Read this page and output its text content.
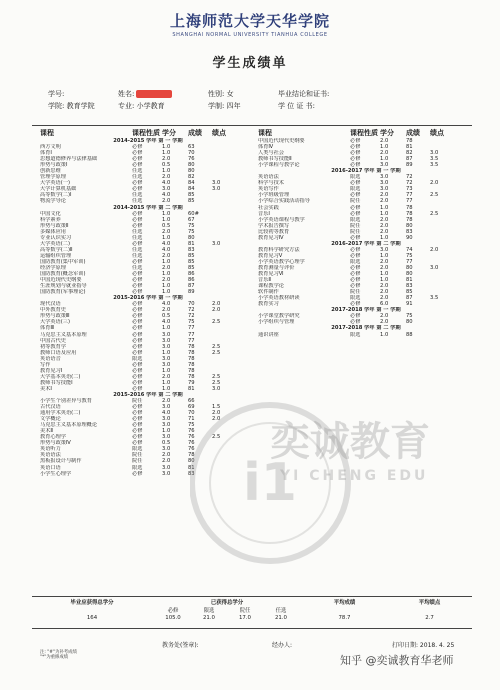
上海师范大学天华学院
SHANGHAI NORMAL UNIVERSITY TIANHUA COLLEGE
学生成绩单
学号:	姓名:	性别: 女	毕业结论和证书:
学院: 教育学院	专业: 小学教育	学制: 四年	学 位 证 书:
课程	课程性质 学分	成绩	绩点
2014-2015 学年 第 一 学期
西方文明	必修	1.0	63
体育Ⅰ	必修	1.0	70
思想道德修养与法律基础	必修	2.0	76
形势与政策Ⅰ	必修	0.5	80
创新思维	任选	1.0	80
管理学原理	任选	2.0	82
大学英语(一)	必修	4.0	84	3.0
大学计算机基础	必修	3.0	84	3.0
高等数学(二)Ⅰ	任选	4.0	85
物流学导论	任选	2.0	85
2014-2015 学年 第 二 学期
中国文化	必修	1.0	60#
科学素养	必修	1.0	67
形势与政策Ⅱ	必修	0.5	75
多媒体应用	任选	2.0	75
专业认识实习	任选	1.0	80
大学英语(二)	必修	4.0	81	3.0
高等数学(二)Ⅱ	任选	4.0	83
运输组织管理	任选	2.0	85
国防教育(集中军训)	必修	1.0	85
经济学原理	任选	2.0	85
国防教育(概念军训)	必修	1.0	86
中国近现代史纲要	必修	2.0	86
生涯规划与就业指导	必修	1.0	87
国防教育(军事理论)	必修	1.0	89
2015-2016 学年 第 一 学期
现代汉语	必修	4.0	70	2.0
中外教育史	必修	2.0	72	2.0
形势与政策Ⅲ	必修	0.5	72
大学英语(三)	必修	4.0	75	2.5
体育Ⅲ	必修	1.0	77
马克思主义基本原理	必修	3.0	77
中国古代史	必修	3.0	77
初等教育学	必修	3.0	78	2.5
教师口语及应用	必修	1.0	78	2.5
英语语音	限选	3.0	78
写作	必修	3.0	78
教育见习Ⅰ	必修	1.0	78
大学基本英语(二)	必修	2.0	78	2.5
教师书写技能Ⅰ	必修	1.0	79	2.5
美术Ⅰ	必修	1.0	81	3.0
2015-2016 学年 第 二 学期
小学生个别差异与教育	院任	2.0	66
古代汉语	必修	3.0	69	1.5
通用学术英语(二)	必修	4.0	70	2.0
文学概论	必修	3.0	71	2.0
马克思主义基本原理概论	必修	3.0	75
美术Ⅱ	必修	1.0	76
教育心理学	必修	3.0	76	2.5
形势与政策Ⅳ	必修	0.5	76
英语听力	限选	3.0	76
英语语法	院任	2.0	78
黑板报设计与制作	院任	2.0	80
英语口语	限选	3.0	81
小学生心理学	必修	3.0	83
课程	课程性质 学分	成绩	绩点
中国近代现代史纲要	必修	2.0	78
体育Ⅳ	必修	1.0	81
人类与社会	必修	2.0	82	3.0
教师书写技能Ⅱ	必修	1.0	87	3.5
小学课程与教学论	必修	3.0	89	3.5
2016-2017 学年 第 一 学期
英语语法	限选	3.0	72
科学与技术	必修	3.0	72	2.0
英语写作	限选	3.0	73
小学班级管理	必修	2.0	77	2.5
小学综合实践活动指导	院任	2.0	77
社会实践	必修	1.0	78
音乐Ⅰ	必修	1.0	78	2.5
小学英语课程与教学	限选	2.0	78
学术报告撰写	院任	2.0	80
比较初等教育	院任	2.0	83
教育见习Ⅳ	必修	1.0	90
2016-2017 学年 第 二 学期
教育科学研究方法	必修	3.0	74	2.0
教育见习Ⅴ	必修	1.0	75
小学英语教学心理学	限选	2.0	77
教育测量与评价	必修	2.0	80	3.0
教育见习Ⅵ	必修	1.0	80
音乐Ⅱ	必修	1.0	81
课程教学论	必修	2.0	83
软件制作	院任	2.0	85
小学英语教材研读	限选	2.0	87	3.5
教育实习	必修	6.0	91
2017-2018 学年 第 一 学期
小学课堂教学研究	必修	2.0	75
小学组织与管理	必修	2.0	80
2017-2018 学年 第 二 学期
通识讲座	限选	1.0	88
i1
奕诚教育
YI CHENG EDU
毕业应获得总学分	已获得总学分	平均成绩	平均绩点
必修	限选	院任	任选
164	105.0	21.0	17.0	21.0	78.7	2.7
教务处(签章):	经办人:	打印日期: 2018. 4. 25
注: "#"为补考成绩
"*"为重修成绩	知乎 @奕诚教育华老师
